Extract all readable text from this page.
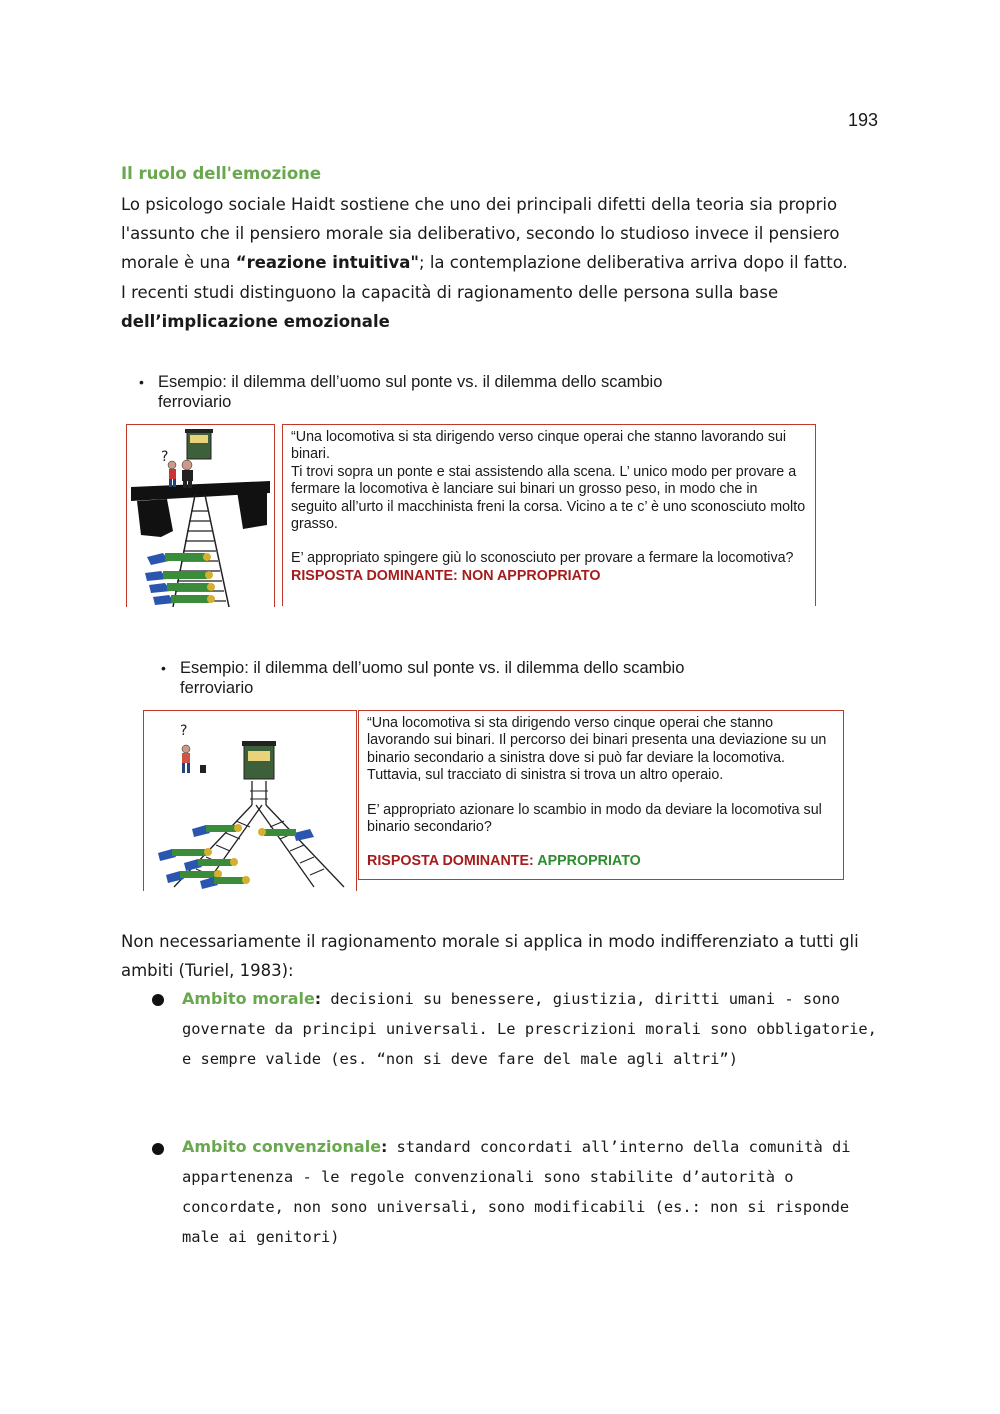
193
Il ruolo dell'emozione

Lo psicologo sociale Haidt sostiene che uno dei principali difetti della teoria sia proprio l'assunto che il pensiero morale sia deliberativo, secondo lo studioso invece il pensiero morale è una “reazione intuitiva"; la contemplazione deliberativa arriva dopo il fatto.

I recenti studi distinguono la capacità di ragionamento delle persona sulla base

dell’implicazione emozionale

• Esempio: il dilemma dell’uomo sul ponte vs. il dilemma dello scambio
ferroviario
?

“Una locomotiva si sta dirigendo verso cinque operai che stanno lavorando sui binari.

Ti trovi sopra un ponte e stai assistendo alla scena. L’ unico modo per provare a fermare la locomotiva è lanciare sui binari un grosso peso, in modo che in seguito all’urto il macchinista freni la corsa. Vicino a te c’ è uno sconosciuto molto grasso.

E’ appropriato spingere giù lo sconosciuto per provare a fermare la locomotiva?

RISPOSTA DOMINANTE: NON APPROPRIATO

• Esempio: il dilemma dell’uomo sul ponte vs. il dilemma dello scambio
ferroviario
?	“Una locomotiva si sta dirigendo verso cinque operai che stanno lavorando sui binari. Il percorso dei binari presenta una deviazione su un binario secondario a sinistra dove si può far deviare la locomotiva. Tuttavia, sul tracciato di sinistra si trova un altro operaio.

E’ appropriato azionare lo scambio in modo da deviare la locomotiva sul binario secondario?

RISPOSTA DOMINANTE: APPROPRIATO

Non necessariamente il ragionamento morale si applica in modo indifferenziato a tutti gli ambiti (Turiel, 1983):

Ambito morale: decisioni su benessere, giustizia, diritti umani - sono governate da principi universali. Le prescrizioni morali sono obbligatorie, e sempre valide (es. “non si deve fare del male agli altri”)
Ambito convenzionale: standard concordati all’interno della comunità di appartenenza - le regole convenzionali sono stabilite d’autorità o concordate, non sono universali, sono modificabili (es.: non si risponde male ai genitori)
